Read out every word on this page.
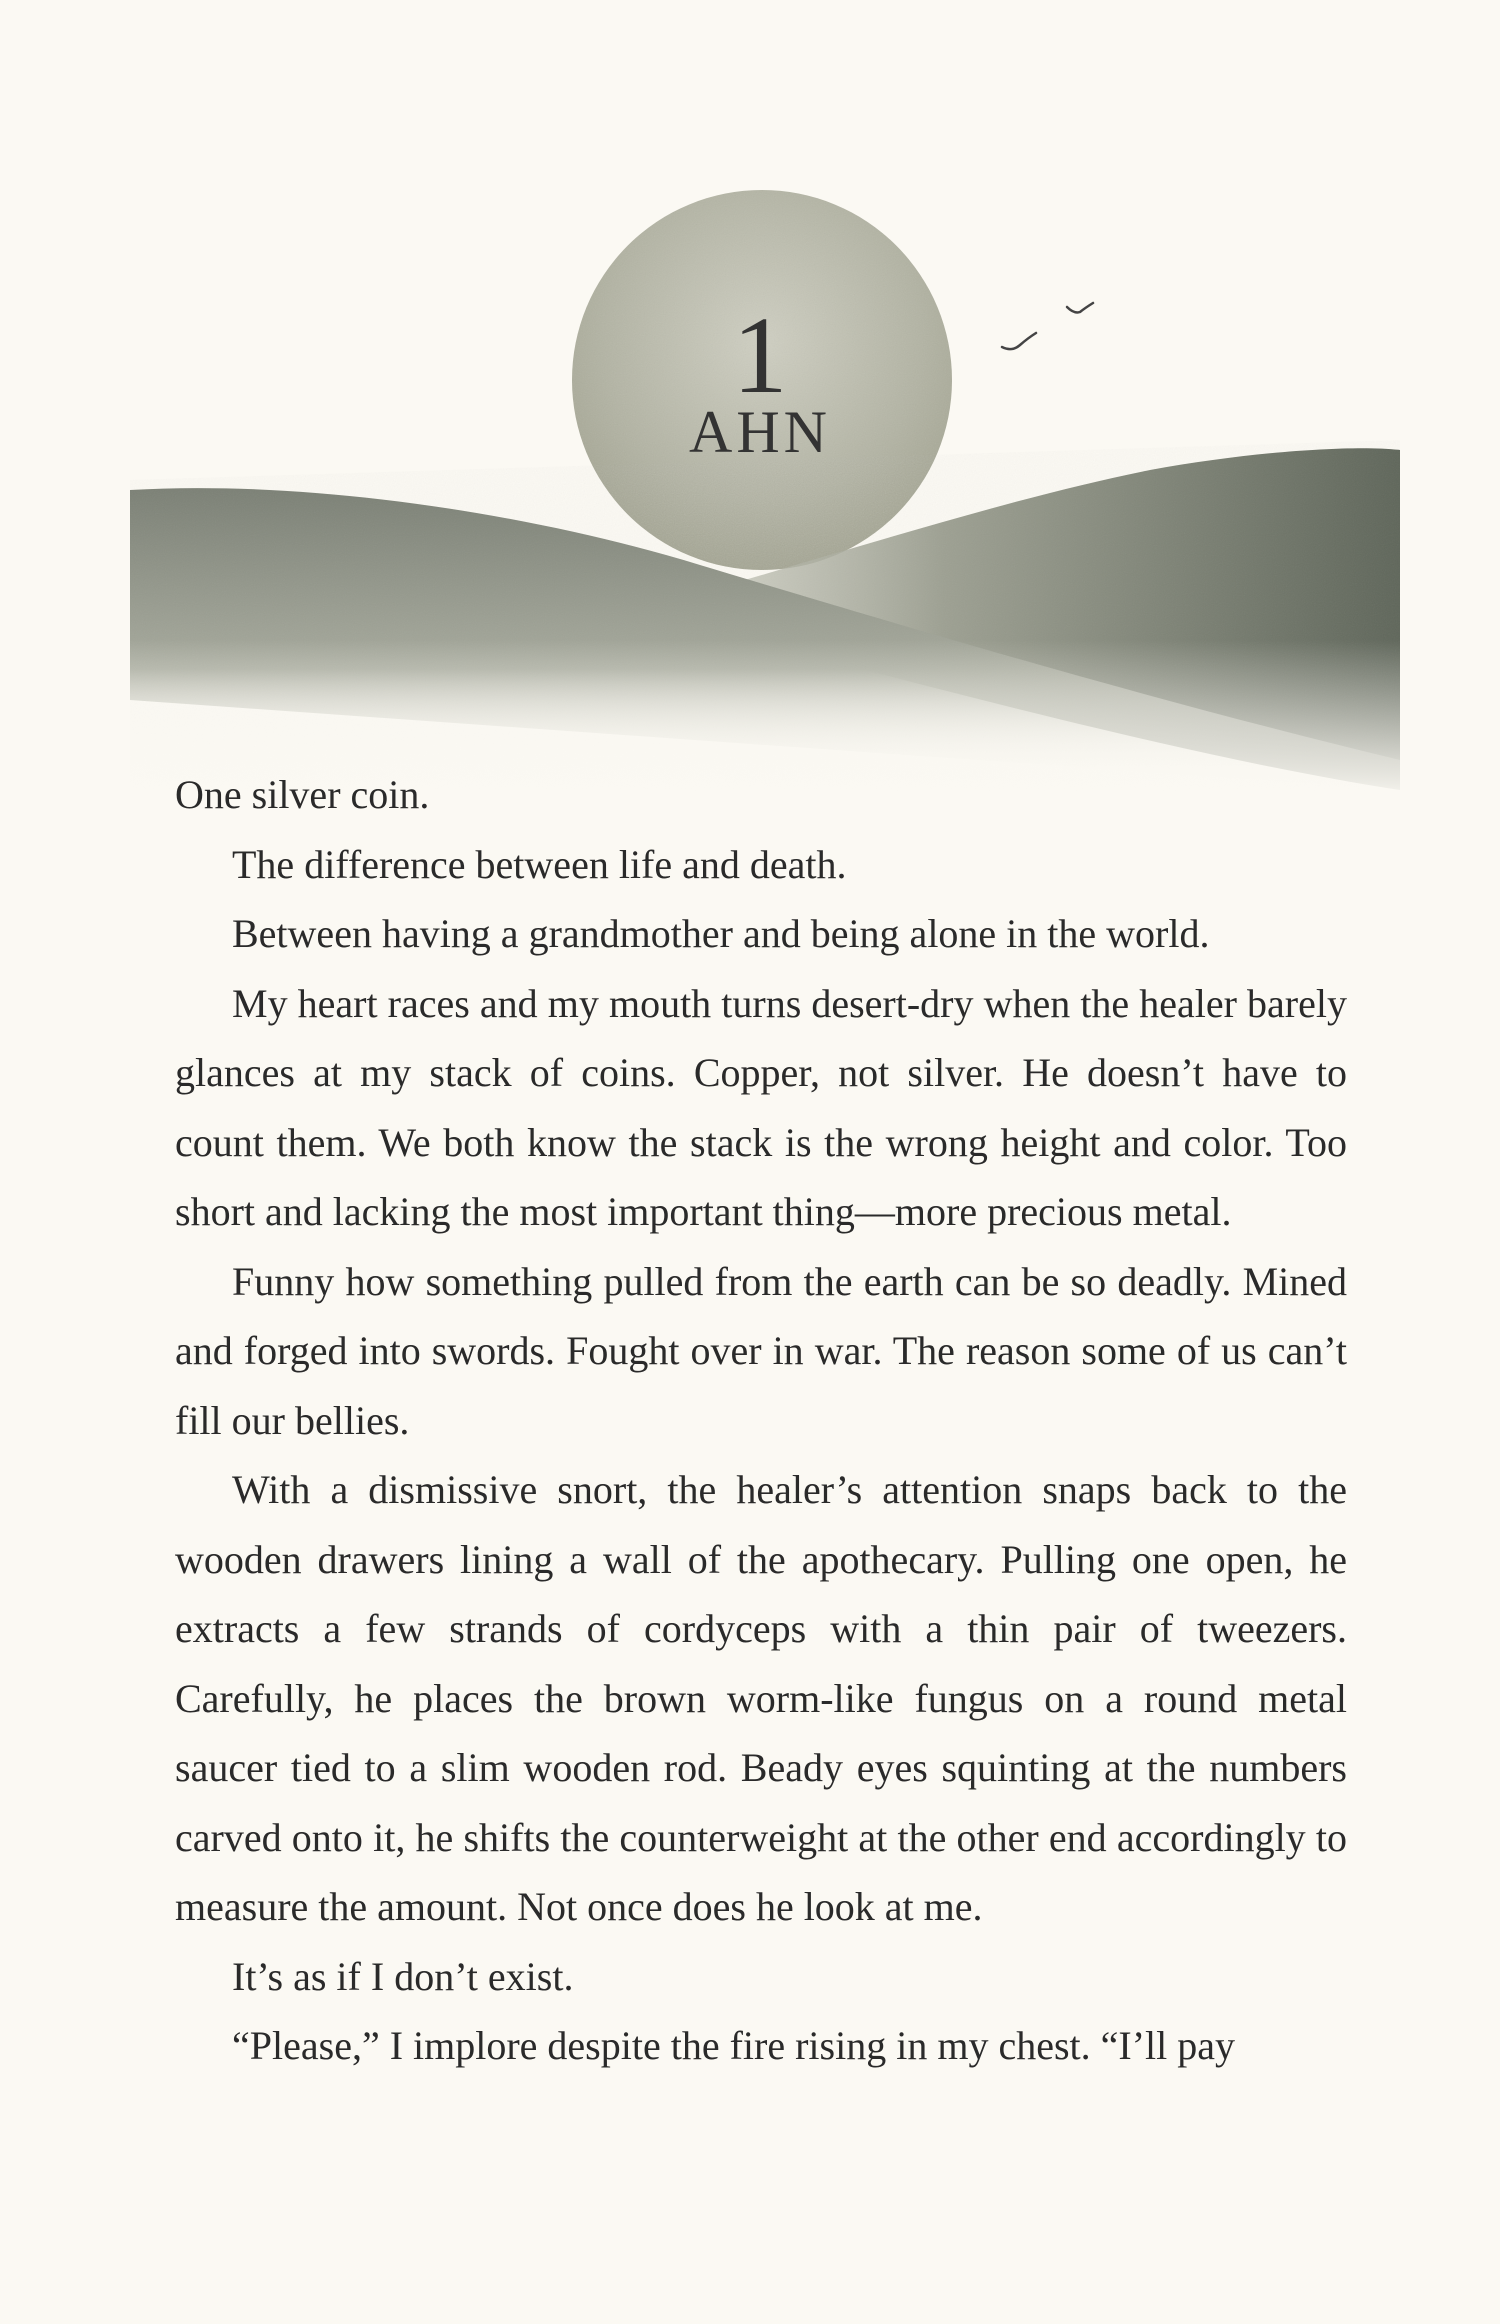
1
AHN

One silver coin.

The difference between life and death.

Between having a grandmother and being alone in the world.

My heart races and my mouth turns desert-dry when the healer barely glances at my stack of coins. Copper, not silver. He doesn’t have to count them. We both know the stack is the wrong height and color. Too short and lacking the most important thing—more precious metal.

Funny how something pulled from the earth can be so deadly. Mined and forged into swords. Fought over in war. The reason some of us can’t fill our bellies.

With a dismissive snort, the healer’s attention snaps back to the wooden drawers lining a wall of the apothecary. Pulling one open, he extracts a few strands of cordyceps with a thin pair of tweezers. Carefully, he places the brown worm-like fungus on a round metal saucer tied to a slim wooden rod. Beady eyes squinting at the numbers carved onto it, he shifts the counterweight at the other end accordingly to measure the amount. Not once does he look at me.

It’s as if I don’t exist.

“Please,” I implore despite the fire rising in my chest. “I’ll pay
